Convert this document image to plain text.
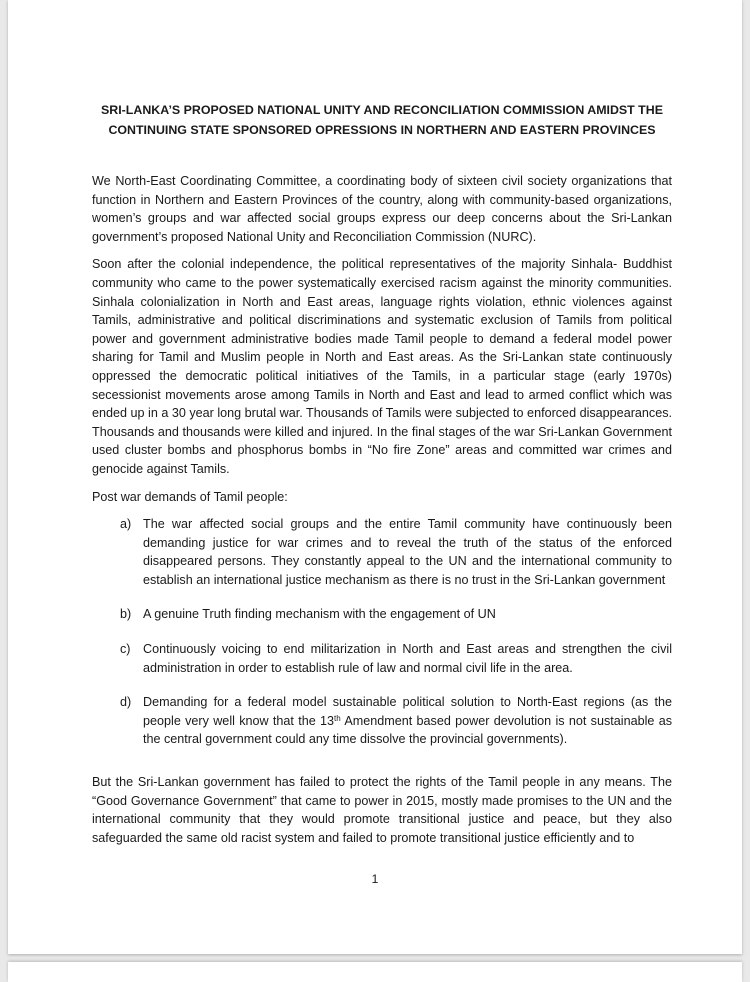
SRI-LANKA’S PROPOSED NATIONAL UNITY AND RECONCILIATION COMMISSION AMIDST THE
CONTINUING STATE SPONSORED OPRESSIONS IN NORTHERN AND EASTERN PROVINCES

We North-East Coordinating Committee, a coordinating body of sixteen civil society organizations that function in Northern and Eastern Provinces of the country, along with community-based organizations, women’s groups and war affected social groups express our deep concerns about the Sri-Lankan government’s proposed National Unity and Reconciliation Commission (NURC).

Soon after the colonial independence, the political representatives of the majority Sinhala- Buddhist community who came to the power systematically exercised racism against the minority communities. Sinhala colonialization in North and East areas, language rights violation, ethnic violences against Tamils, administrative and political discriminations and systematic exclusion of Tamils from political power and government administrative bodies made Tamil people to demand a federal model power sharing for Tamil and Muslim people in North and East areas. As the Sri-Lankan state continuously oppressed the democratic political initiatives of the Tamils, in a particular stage (early 1970s) secessionist movements arose among Tamils in North and East and lead to armed conflict which was ended up in a 30 year long brutal war. Thousands of Tamils were subjected to enforced disappearances. Thousands and thousands were killed and injured. In the final stages of the war Sri-Lankan Government used cluster bombs and phosphorus bombs in “No fire Zone” areas and committed war crimes and genocide against Tamils.

Post war demands of Tamil people:

a) The war affected social groups and the entire Tamil community have continuously been demanding justice for war crimes and to reveal the truth of the status of the enforced disappeared persons. They constantly appeal to the UN and the international community to establish an international justice mechanism as there is no trust in the Sri-Lankan government
b) A genuine Truth finding mechanism with the engagement of UN
c) Continuously voicing to end militarization in North and East areas and strengthen the civil administration in order to establish rule of law and normal civil life in the area.
d) Demanding for a federal model sustainable political solution to North-East regions (as the people very well know that the 13th Amendment based power devolution is not sustainable as the central government could any time dissolve the provincial governments).

But the Sri-Lankan government has failed to protect the rights of the Tamil people in any means. The “Good Governance Government” that came to power in 2015, mostly made promises to the UN and the international community that they would promote transitional justice and peace, but they also safeguarded the same old racist system and failed to promote transitional justice efficiently and to

1
